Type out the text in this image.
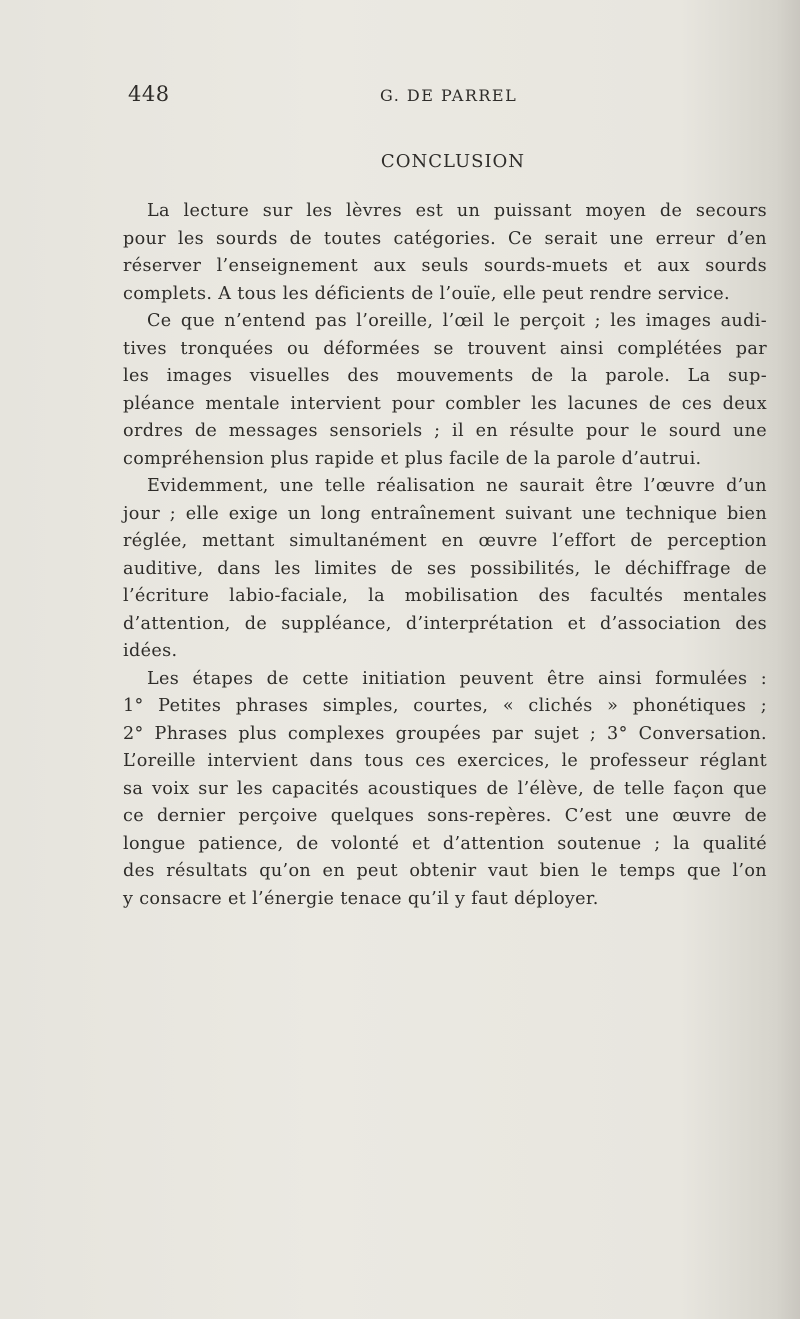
448	G. DE PARREL
CONCLUSION

La lecture sur les lèvres est un puissant moyen de secours
pour les sourds de toutes catégories. Ce serait une erreur d’en
réserver l’enseignement aux seuls sourds-muets et aux sourds
complets. A tous les déficients de l’ouïe, elle peut rendre service.

Ce que n’entend pas l’oreille, l’œil le perçoit ; les images audi-
tives tronquées ou déformées se trouvent ainsi complétées par
les images visuelles des mouvements de la parole. La sup-
pléance mentale intervient pour combler les lacunes de ces deux
ordres de messages sensoriels ; il en résulte pour le sourd une
compréhension plus rapide et plus facile de la parole d’autrui.

Evidemment, une telle réalisation ne saurait être l’œuvre d’un
jour ; elle exige un long entraînement suivant une technique bien
réglée, mettant simultanément en œuvre l’effort de perception
auditive, dans les limites de ses possibilités, le déchiffrage de
l’écriture labio-faciale, la mobilisation des facultés mentales
d’attention, de suppléance, d’interprétation et d’association des
idées.

Les étapes de cette initiation peuvent être ainsi formulées :
1° Petites phrases simples, courtes, « clichés » phonétiques ;
2° Phrases plus complexes groupées par sujet ; 3° Conversation.
L’oreille intervient dans tous ces exercices, le professeur réglant
sa voix sur les capacités acoustiques de l’élève, de telle façon que
ce dernier perçoive quelques sons-repères. C’est une œuvre de
longue patience, de volonté et d’attention soutenue ; la qualité
des résultats qu’on en peut obtenir vaut bien le temps que l’on
y consacre et l’énergie tenace qu’il y faut déployer.
